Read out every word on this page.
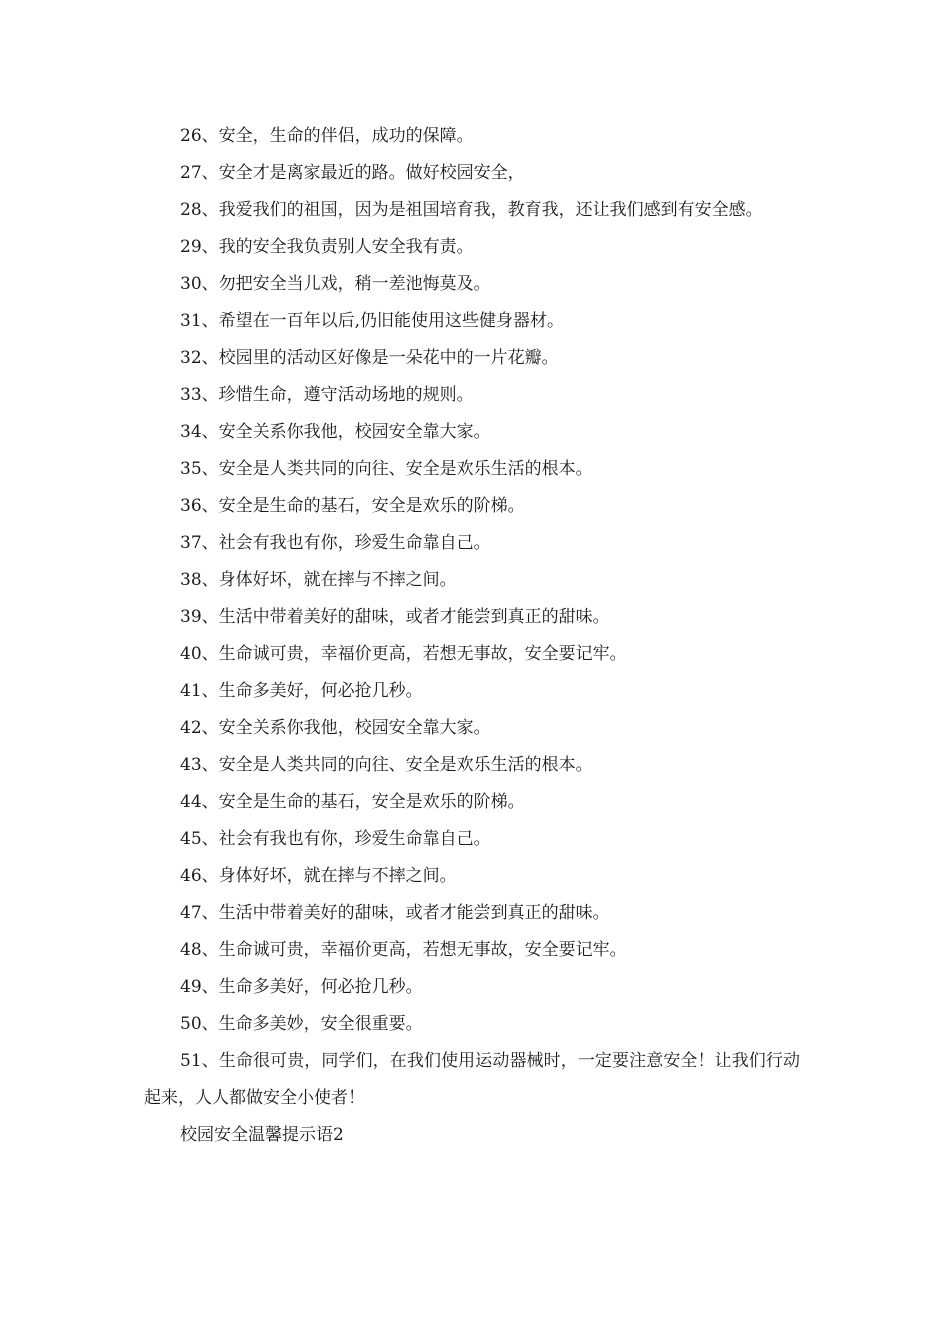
26、安全，生命的伴侣，成功的保障。

27、安全才是离家最近的路。做好校园安全，

28、我爱我们的祖国，因为是祖国培育我，教育我，还让我们感到有安全感。

29、我的安全我负责别人安全我有责。

30、勿把安全当儿戏，稍一差池悔莫及。

31、希望在一百年以后,仍旧能使用这些健身器材。

32、校园里的活动区好像是一朵花中的一片花瓣。

33、珍惜生命，遵守活动场地的规则。

34、安全关系你我他，校园安全靠大家。

35、安全是人类共同的向往、安全是欢乐生活的根本。

36、安全是生命的基石，安全是欢乐的阶梯。

37、社会有我也有你，珍爱生命靠自己。

38、身体好坏，就在摔与不摔之间。

39、生活中带着美好的甜味，或者才能尝到真正的甜味。

40、生命诚可贵，幸福价更高，若想无事故，安全要记牢。

41、生命多美好，何必抢几秒。

42、安全关系你我他，校园安全靠大家。

43、安全是人类共同的向往、安全是欢乐生活的根本。

44、安全是生命的基石，安全是欢乐的阶梯。

45、社会有我也有你，珍爱生命靠自己。

46、身体好坏，就在摔与不摔之间。

47、生活中带着美好的甜味，或者才能尝到真正的甜味。

48、生命诚可贵，幸福价更高，若想无事故，安全要记牢。

49、生命多美好，何必抢几秒。

50、生命多美妙，安全很重要。

51、生命很可贵，同学们，在我们使用运动器械时，一定要注意安全！让我们行动起来，人人都做安全小使者！

校园安全温馨提示语2
